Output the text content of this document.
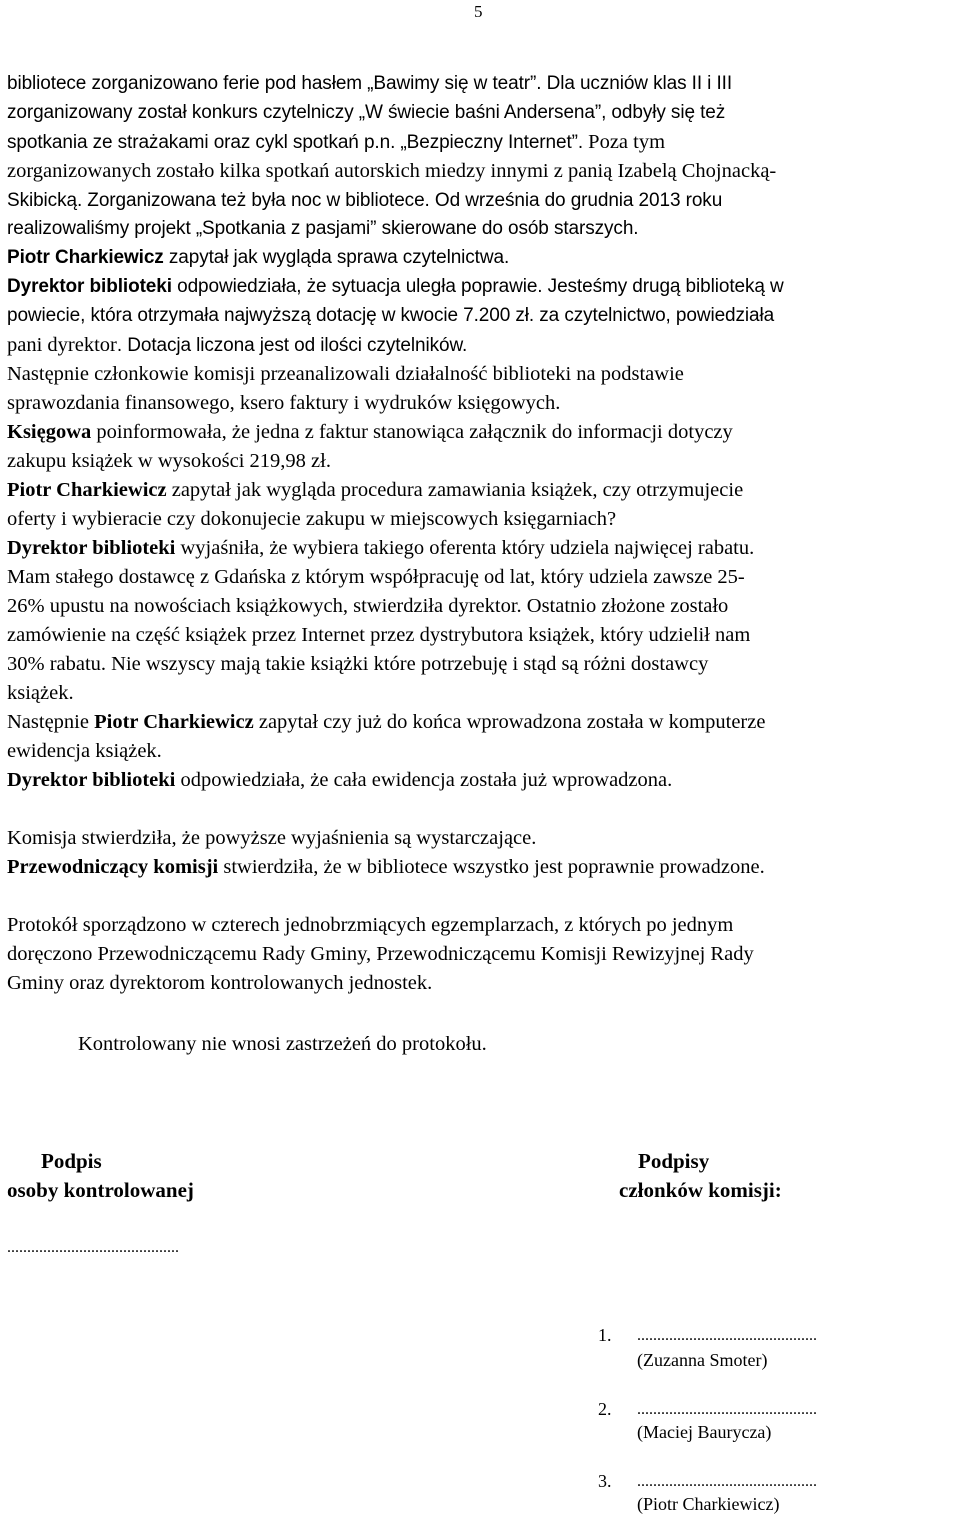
5
bibliotece zorganizowano ferie pod hasłem „Bawimy się w teatr”. Dla uczniów klas II i III
zorganizowany został konkurs czytelniczy „W świecie baśni Andersena”, odbyły się też
spotkania ze strażakami oraz cykl spotkań p.n. „Bezpieczny Internet”. Poza tym
zorganizowanych zostało kilka spotkań autorskich miedzy innymi z panią Izabelą Chojnacką-
Skibicką. Zorganizowana też była noc w bibliotece. Od września do grudnia 2013 roku
realizowaliśmy projekt „Spotkania z pasjami” skierowane do osób starszych.
Piotr Charkiewicz zapytał jak wygląda sprawa czytelnictwa.
Dyrektor biblioteki odpowiedziała, że sytuacja uległa poprawie. Jesteśmy drugą biblioteką w
powiecie, która otrzymała najwyższą dotację w kwocie 7.200 zł. za czytelnictwo, powiedziała
pani dyrektor. Dotacja liczona jest od ilości czytelników.
Następnie członkowie komisji przeanalizowali działalność biblioteki na podstawie
sprawozdania finansowego, ksero faktury i wydruków księgowych.
Księgowa poinformowała, że jedna z faktur stanowiąca załącznik do informacji dotyczy
zakupu książek w wysokości 219,98 zł.
Piotr Charkiewicz zapytał jak wygląda procedura zamawiania książek, czy otrzymujecie
oferty i wybieracie czy dokonujecie zakupu w miejscowych księgarniach?
Dyrektor biblioteki wyjaśniła, że wybiera takiego oferenta który udziela najwięcej rabatu.
Mam stałego dostawcę z Gdańska z którym współpracuję od lat, który udziela zawsze 25-
26% upustu na nowościach książkowych, stwierdziła dyrektor. Ostatnio złożone zostało
zamówienie na część książek przez Internet przez dystrybutora książek, który udzielił nam
30% rabatu. Nie wszyscy mają takie książki które potrzebuję i stąd są różni dostawcy
książek.
Następnie Piotr Charkiewicz zapytał czy już do końca wprowadzona została w komputerze
ewidencja książek.
Dyrektor biblioteki odpowiedziała, że cała ewidencja została już wprowadzona.
Komisja stwierdziła, że powyższe wyjaśnienia są wystarczające.
Przewodniczący komisji stwierdziła, że w bibliotece wszystko jest poprawnie prowadzone.
Protokół sporządzono w czterech jednobrzmiących egzemplarzach, z których po jednym
doręczono Przewodniczącemu Rady Gminy, Przewodniczącemu Komisji Rewizyjnej Rady
Gminy oraz dyrektorom kontrolowanych jednostek.
Kontrolowany nie wnosi zastrzeżeń do protokołu.
Podpis
osoby kontrolowanej
...........................................
Podpisy
członków komisji:
1. .............................................
(Zuzanna Smoter)
2. .............................................
(Maciej Baurycza)
3. .............................................
(Piotr Charkiewicz)
